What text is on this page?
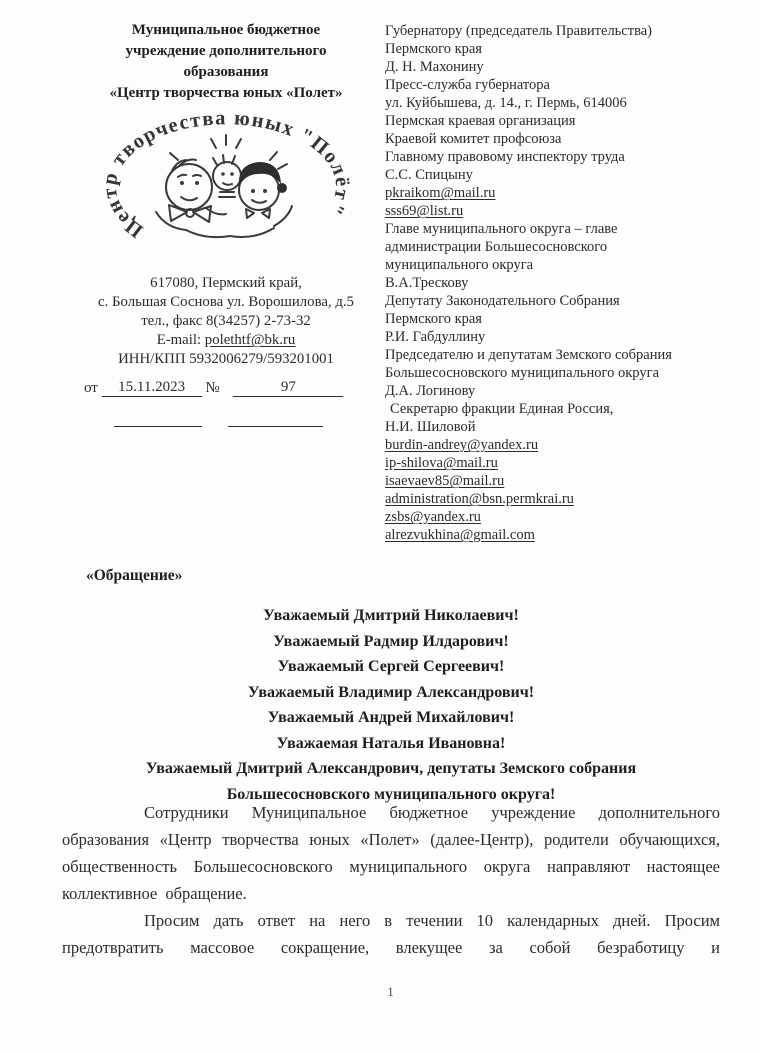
Муниципальное бюджетное
учреждение дополнительного
образования
«Центр творчества юных «Полет»
Центр творчества юных "Полёт"
617080, Пермский край,
с. Большая Соснова ул. Ворошилова, д.5
тел., факс 8(34257) 2-73-32
E-mail: polethtf@bk.ru
ИНН/КПП 5932006279/593201001
от 15.11.2023 №	97

Губернатору (председатель Правительства)
Пермского края
Д. Н. Махонину
Пресс-служба губернатора
ул. Куйбышева, д. 14., г. Пермь, 614006
Пермская краевая организация
Краевой комитет профсоюза
Главному правовому инспектору труда
С.С. Спицыну
pkraikom@mail.ru
sss69@list.ru
Главе муниципального округа – главе
администрации Большесосновского
муниципального округа
В.А.Трескову
Депутату Законодательного Собрания
Пермского края
Р.И. Габдуллину
Председателю и депутатам Земского собрания
Большесосновского муниципального округа
Д.А. Логинову
Секретарю фракции Единая Россия,
Н.И. Шиловой
burdin-andrey@yandex.ru
ip-shilova@mail.ru
isaevaev85@mail.ru
administration@bsn.permkrai.ru
zsbs@yandex.ru
alrezvukhina@gmail.com
«Обращение»
Уважаемый Дмитрий Николаевич!
Уважаемый Радмир Илдарович!
Уважаемый Сергей Сергеевич!
Уважаемый Владимир Александрович!
Уважаемый Андрей Михайлович!
Уважаемая Наталья Ивановна!
Уважаемый Дмитрий Александрович, депутаты Земского собрания
Большесосновского муниципального округа!

Сотрудники Муниципальное бюджетное учреждение дополнительного образования «Центр творчества юных «Полет» (далее-Центр), родители обучающихся, общественность Большесосновского муниципального округа направляют настоящее коллективное обращение.

Просим дать ответ на него в течении 10 календарных дней. Просим предотвратить массовое сокращение, влекущее за собой безработицу и

1
